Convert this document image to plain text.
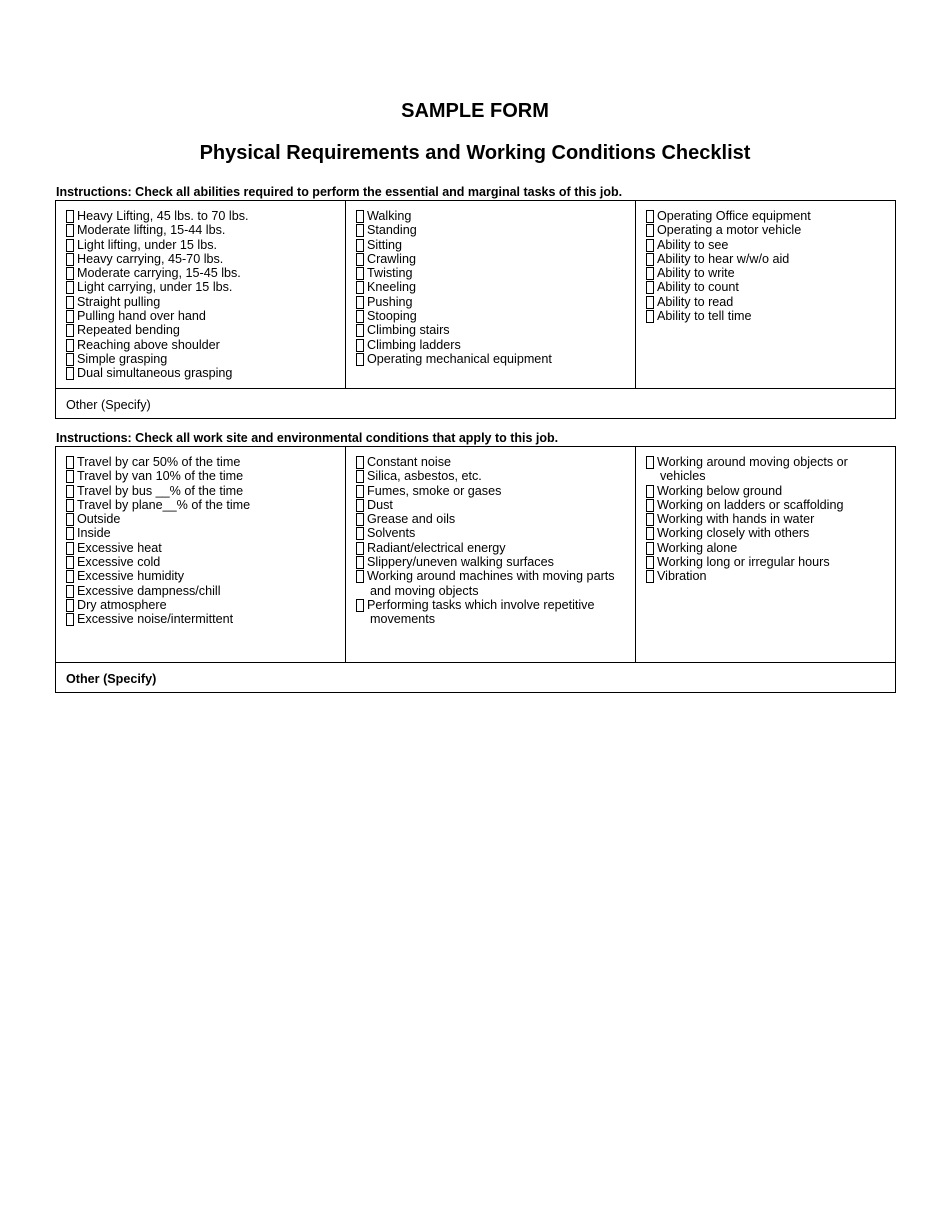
SAMPLE FORM
Physical Requirements and Working Conditions Checklist

Instructions: Check all abilities required to perform the essential and marginal tasks of this job.

Heavy Lifting, 45 lbs. to 70 lbs.
Moderate lifting, 15-44 lbs.
Light lifting, under 15 lbs.
Heavy carrying, 45-70 lbs.
Moderate carrying, 15-45 lbs.
Light carrying, under 15 lbs.
Straight pulling
Pulling hand over hand
Repeated bending
Reaching above shoulder
Simple grasping
Dual simultaneous grasping

Walking
Standing
Sitting
Crawling
Twisting
Kneeling
Pushing
Stooping
Climbing stairs
Climbing ladders
Operating mechanical equipment

Operating Office equipment
Operating a motor vehicle
Ability to see
Ability to hear w/w/o aid
Ability to write
Ability to count
Ability to read
Ability to tell time

Other (Specify)

Instructions: Check all work site and environmental conditions that apply to this job.

Travel by car 50% of the time
Travel by van 10% of the time
Travel by bus __% of the time
Travel by plane__% of the time
Outside
Inside
Excessive heat
Excessive cold
Excessive humidity
Excessive dampness/chill
Dry atmosphere
Excessive noise/intermittent

Constant noise
Silica, asbestos, etc.
Fumes, smoke or gases
Dust
Grease and oils
Solvents
Radiant/electrical energy
Slippery/uneven walking surfaces
Working around machines with moving parts
and moving objects
Performing tasks which involve repetitive
movements

Working around moving objects or
vehicles
Working below ground
Working on ladders or scaffolding
Working with hands in water
Working closely with others
Working alone
Working long or irregular hours
Vibration

Other (Specify)
